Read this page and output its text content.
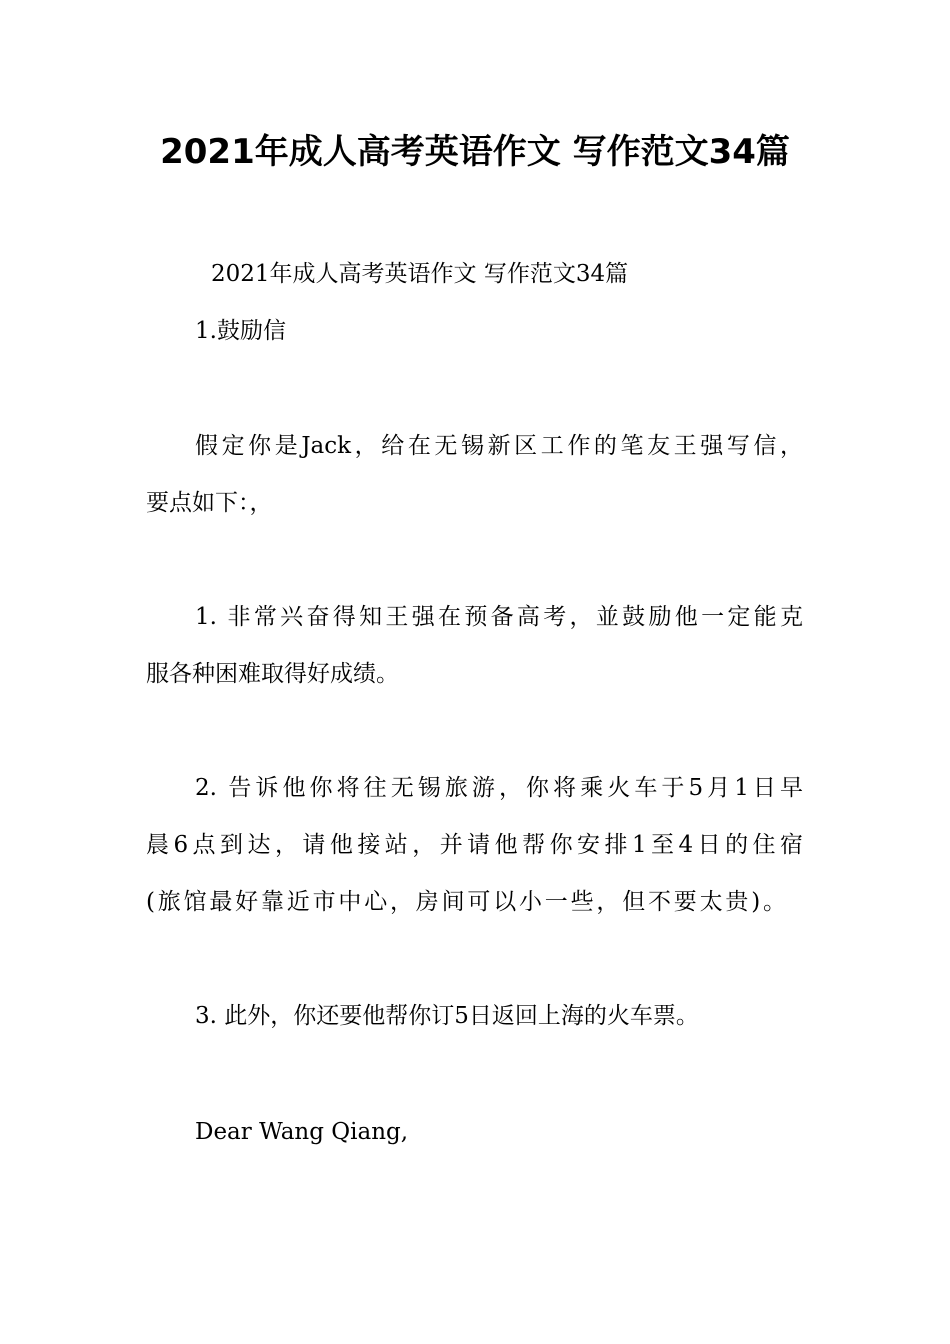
2021年成人高考英语作文 写作范文34篇

2021年成人高考英语作文 写作范文34篇

1.鼓励信

假定你是Jack，给在无锡新区工作的笔友王强写信，

要点如下：，

1. 非常兴奋得知王强在预备高考，並鼓励他一定能克

服各种困难取得好成绩。

2. 告诉他你将往无锡旅游，你将乘火车于5月1日早

晨6点到达，请他接站，并请他帮你安排1至4日的住宿

(旅馆最好靠近市中心，房间可以小一些，但不要太贵)。

3. 此外，你还要他帮你订5日返回上海的火车票。

Dear Wang Qiang,
